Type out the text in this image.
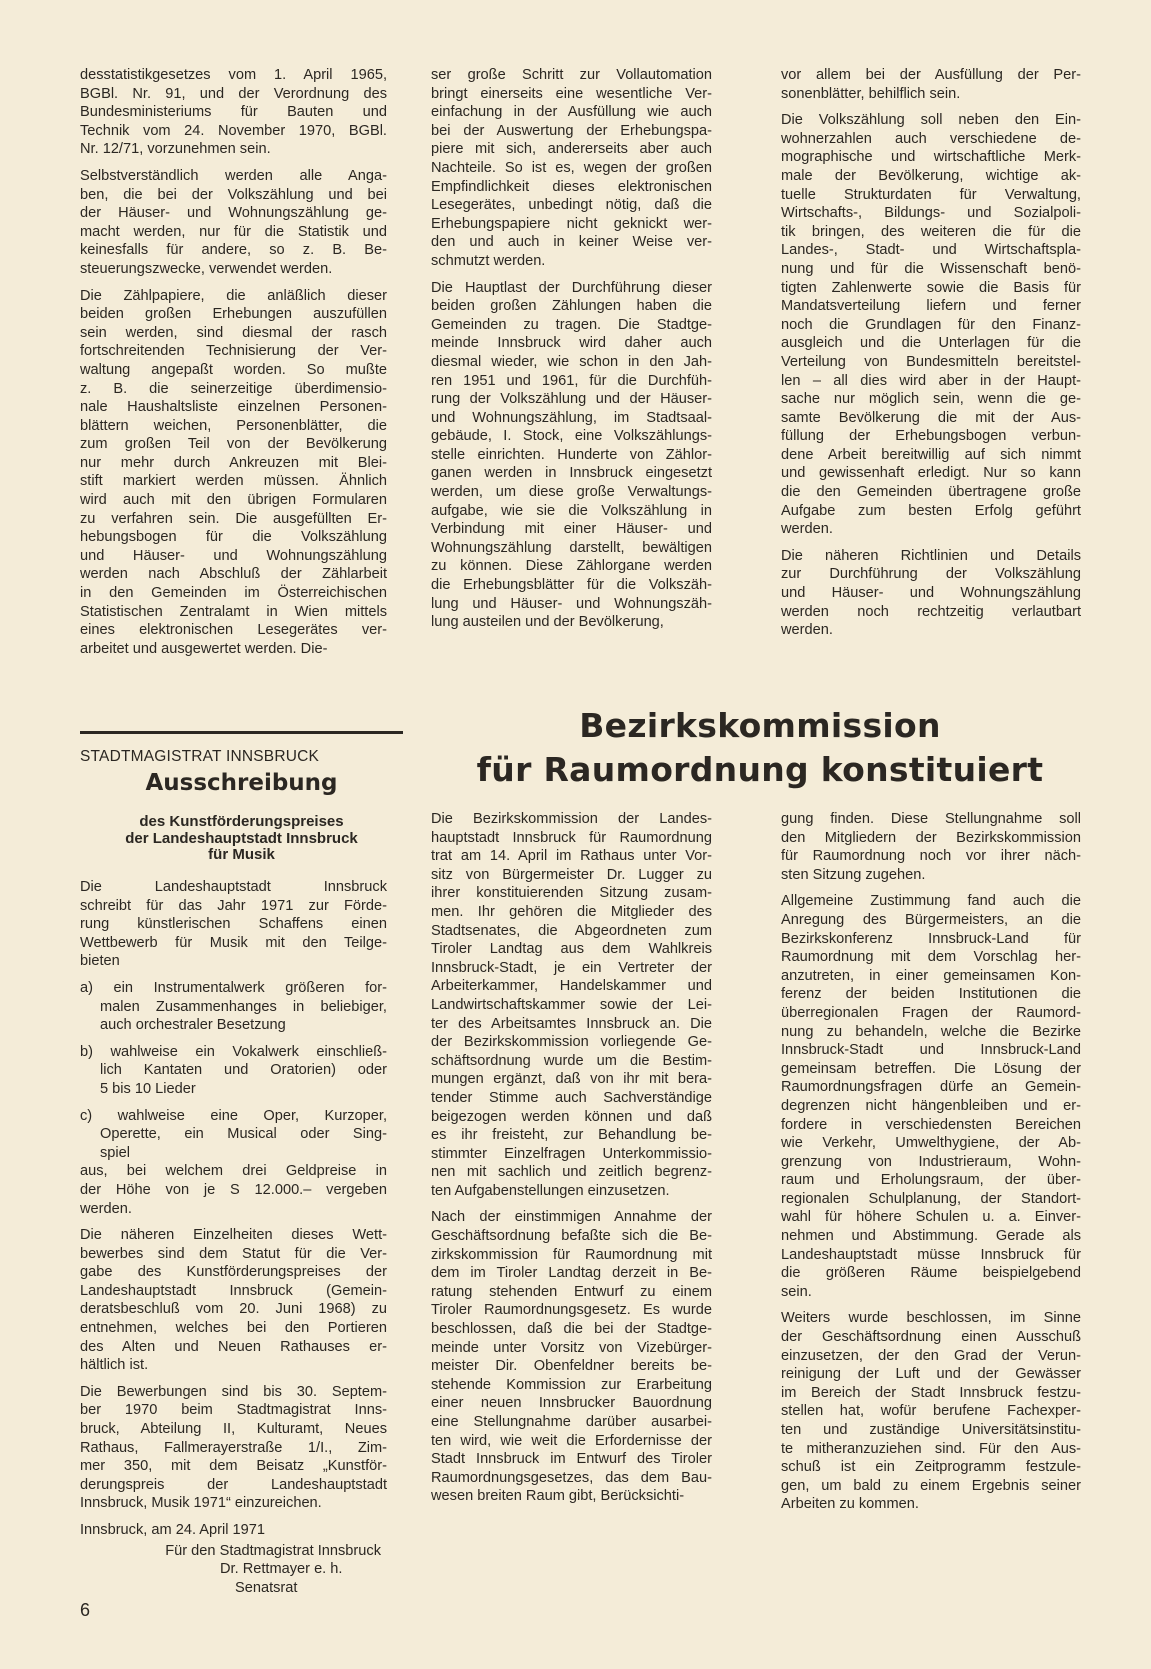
desstatistikgesetzes vom 1. April 1965,
BGBl. Nr. 91, und der Verordnung des
Bundesministeriums für Bauten und
Technik vom 24. November 1970, BGBl.
Nr. 12/71, vorzunehmen sein.

Selbstverständlich werden alle Anga-
ben, die bei der Volkszählung und bei
der Häuser- und Wohnungszählung ge-
macht werden, nur für die Statistik und
keinesfalls für andere, so z. B. Be-
steuerungszwecke, verwendet werden.

Die Zählpapiere, die anläßlich dieser
beiden großen Erhebungen auszufüllen
sein werden, sind diesmal der rasch
fortschreitenden Technisierung der Ver-
waltung angepaßt worden. So mußte
z. B. die seinerzeitige überdimensio-
nale Haushaltsliste einzelnen Personen-
blättern weichen, Personenblätter, die
zum großen Teil von der Bevölkerung
nur mehr durch Ankreuzen mit Blei-
stift markiert werden müssen. Ähnlich
wird auch mit den übrigen Formularen
zu verfahren sein. Die ausgefüllten Er-
hebungsbogen für die Volkszählung
und Häuser- und Wohnungszählung
werden nach Abschluß der Zählarbeit
in den Gemeinden im Österreichischen
Statistischen Zentralamt in Wien mittels
eines elektronischen Lesegerätes ver-
arbeitet und ausgewertet werden. Die-

ser große Schritt zur Vollautomation
bringt einerseits eine wesentliche Ver-
einfachung in der Ausfüllung wie auch
bei der Auswertung der Erhebungspa-
piere mit sich, andererseits aber auch
Nachteile. So ist es, wegen der großen
Empfindlichkeit dieses elektronischen
Lesegerätes, unbedingt nötig, daß die
Erhebungspapiere nicht geknickt wer-
den und auch in keiner Weise ver-
schmutzt werden.

Die Hauptlast der Durchführung dieser
beiden großen Zählungen haben die
Gemeinden zu tragen. Die Stadtge-
meinde Innsbruck wird daher auch
diesmal wieder, wie schon in den Jah-
ren 1951 und 1961, für die Durchfüh-
rung der Volkszählung und der Häuser-
und Wohnungszählung, im Stadtsaal-
gebäude, I. Stock, eine Volkszählungs-
stelle einrichten. Hunderte von Zählor-
ganen werden in Innsbruck eingesetzt
werden, um diese große Verwaltungs-
aufgabe, wie sie die Volkszählung in
Verbindung mit einer Häuser- und
Wohnungszählung darstellt, bewältigen
zu können. Diese Zählorgane werden
die Erhebungsblätter für die Volkszäh-
lung und Häuser- und Wohnungszäh-
lung austeilen und der Bevölkerung,

vor allem bei der Ausfüllung der Per-
sonenblätter, behilflich sein.

Die Volkszählung soll neben den Ein-
wohnerzahlen auch verschiedene de-
mographische und wirtschaftliche Merk-
male der Bevölkerung, wichtige ak-
tuelle Strukturdaten für Verwaltung,
Wirtschafts-, Bildungs- und Sozialpoli-
tik bringen, des weiteren die für die
Landes-, Stadt- und Wirtschaftspla-
nung und für die Wissenschaft benö-
tigten Zahlenwerte sowie die Basis für
Mandatsverteilung liefern und ferner
noch die Grundlagen für den Finanz-
ausgleich und die Unterlagen für die
Verteilung von Bundesmitteln bereitstel-
len – all dies wird aber in der Haupt-
sache nur möglich sein, wenn die ge-
samte Bevölkerung die mit der Aus-
füllung der Erhebungsbogen verbun-
dene Arbeit bereitwillig auf sich nimmt
und gewissenhaft erledigt. Nur so kann
die den Gemeinden übertragene große
Aufgabe zum besten Erfolg geführt
werden.

Die näheren Richtlinien und Details
zur Durchführung der Volkszählung
und Häuser- und Wohnungszählung
werden noch rechtzeitig verlautbart
werden.

STADTMAGISTRAT INNSBRUCK
Ausschreibung
des Kunstförderungspreises
der Landeshauptstadt Innsbruck
für Musik

Die Landeshauptstadt Innsbruck
schreibt für das Jahr 1971 zur Förde-
rung künstlerischen Schaffens einen
Wettbewerb für Musik mit den Teilge-
bieten

a) ein Instrumentalwerk größeren for-
malen Zusammenhanges in beliebiger,
auch orchestraler Besetzung

b) wahlweise ein Vokalwerk einschließ-
lich Kantaten und Oratorien) oder
5 bis 10 Lieder

c) wahlweise eine Oper, Kurzoper,
Operette, ein Musical oder Sing-
spiel

aus, bei welchem drei Geldpreise in
der Höhe von je S 12.000.– vergeben
werden.

Die näheren Einzelheiten dieses Wett-
bewerbes sind dem Statut für die Ver-
gabe des Kunstförderungspreises der
Landeshauptstadt Innsbruck (Gemein-
deratsbeschluß vom 20. Juni 1968) zu
entnehmen, welches bei den Portieren
des Alten und Neuen Rathauses er-
hältlich ist.

Die Bewerbungen sind bis 30. Septem-
ber 1970 beim Stadtmagistrat Inns-
bruck, Abteilung II, Kulturamt, Neues
Rathaus, Fallmerayerstraße 1/I., Zim-
mer 350, mit dem Beisatz „Kunstför-
derungspreis der Landeshauptstadt
Innsbruck, Musik 1971“ einzureichen.

Innsbruck, am 24. April 1971

Für den Stadtmagistrat Innsbruck
Dr. Rettmayer e. h.
Senatsrat
Bezirkskommission
für Raumordnung konstituiert

Die Bezirkskommission der Landes-
hauptstadt Innsbruck für Raumordnung
trat am 14. April im Rathaus unter Vor-
sitz von Bürgermeister Dr. Lugger zu
ihrer konstituierenden Sitzung zusam-
men. Ihr gehören die Mitglieder des
Stadtsenates, die Abgeordneten zum
Tiroler Landtag aus dem Wahlkreis
Innsbruck-Stadt, je ein Vertreter der
Arbeiterkammer, Handelskammer und
Landwirtschaftskammer sowie der Lei-
ter des Arbeitsamtes Innsbruck an. Die
der Bezirkskommission vorliegende Ge-
schäftsordnung wurde um die Bestim-
mungen ergänzt, daß von ihr mit bera-
tender Stimme auch Sachverständige
beigezogen werden können und daß
es ihr freisteht, zur Behandlung be-
stimmter Einzelfragen Unterkommissio-
nen mit sachlich und zeitlich begrenz-
ten Aufgabenstellungen einzusetzen.

Nach der einstimmigen Annahme der
Geschäftsordnung befaßte sich die Be-
zirkskommission für Raumordnung mit
dem im Tiroler Landtag derzeit in Be-
ratung stehenden Entwurf zu einem
Tiroler Raumordnungsgesetz. Es wurde
beschlossen, daß die bei der Stadtge-
meinde unter Vorsitz von Vizebürger-
meister Dir. Obenfeldner bereits be-
stehende Kommission zur Erarbeitung
einer neuen Innsbrucker Bauordnung
eine Stellungnahme darüber ausarbei-
ten wird, wie weit die Erfordernisse der
Stadt Innsbruck im Entwurf des Tiroler
Raumordnungsgesetzes, das dem Bau-
wesen breiten Raum gibt, Berücksichti-

gung finden. Diese Stellungnahme soll
den Mitgliedern der Bezirkskommission
für Raumordnung noch vor ihrer näch-
sten Sitzung zugehen.

Allgemeine Zustimmung fand auch die
Anregung des Bürgermeisters, an die
Bezirkskonferenz Innsbruck-Land für
Raumordnung mit dem Vorschlag her-
anzutreten, in einer gemeinsamen Kon-
ferenz der beiden Institutionen die
überregionalen Fragen der Raumord-
nung zu behandeln, welche die Bezirke
Innsbruck-Stadt und Innsbruck-Land
gemeinsam betreffen. Die Lösung der
Raumordnungsfragen dürfe an Gemein-
degrenzen nicht hängenbleiben und er-
fordere in verschiedensten Bereichen
wie Verkehr, Umwelthygiene, der Ab-
grenzung von Industrieraum, Wohn-
raum und Erholungsraum, der über-
regionalen Schulplanung, der Standort-
wahl für höhere Schulen u. a. Einver-
nehmen und Abstimmung. Gerade als
Landeshauptstadt müsse Innsbruck für
die größeren Räume beispielgebend
sein.

Weiters wurde beschlossen, im Sinne
der Geschäftsordnung einen Ausschuß
einzusetzen, der den Grad der Verun-
reinigung der Luft und der Gewässer
im Bereich der Stadt Innsbruck festzu-
stellen hat, wofür berufene Fachexper-
ten und zuständige Universitätsinstitu-
te mitheranzuziehen sind. Für den Aus-
schuß ist ein Zeitprogramm festzule-
gen, um bald zu einem Ergebnis seiner
Arbeiten zu kommen.

6
